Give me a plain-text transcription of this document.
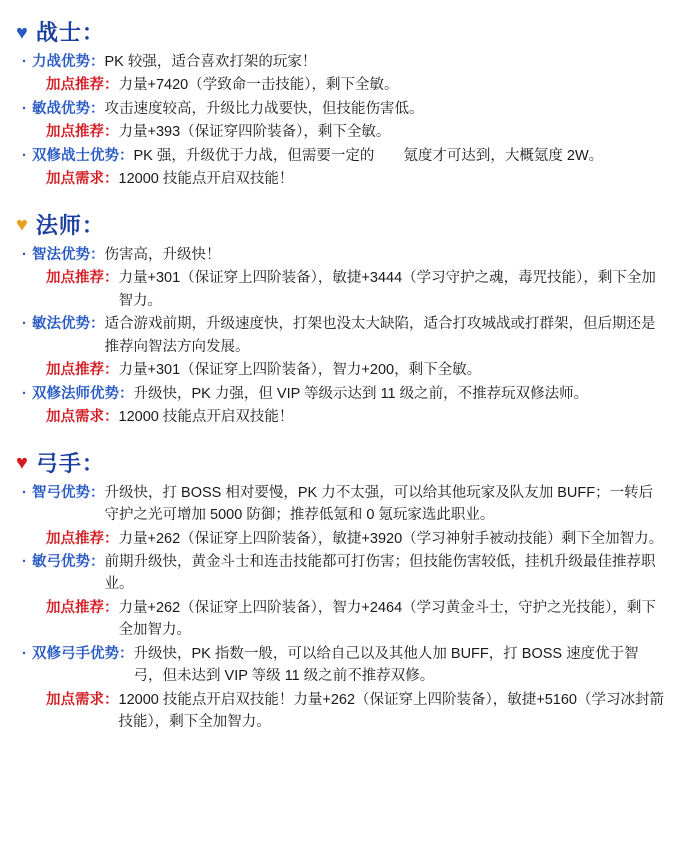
♥ 战士：
· 力战优势： PK 较强，适合喜欢打架的玩家！
加点推荐： 力量+7420（学致命一击技能），剩下全敏。
· 敏战优势： 攻击速度较高，升级比力战要快，但技能伤害低。
加点推荐： 力量+393（保证穿四阶装备），剩下全敏。
· 双修战士优势： PK 强，升级优于力战，但需要一定的　　氪度才可达到，大概氪度 2W。
加点需求： 12000 技能点开启双技能！
♥ 法师：
· 智法优势： 伤害高，升级快！
加点推荐： 力量+301（保证穿上四阶装备），敏捷+3444（学习守护之魂，毒咒技能），剩下全加智力。
· 敏法优势： 适合游戏前期，升级速度快，打架也没太大缺陷，适合打攻城战或打群架，但后期还是推荐向智法方向发展。
加点推荐： 力量+301（保证穿上四阶装备），智力+200，剩下全敏。
· 双修法师优势： 升级快，PK 力强，但 VIP 等级示达到 11 级之前，不推荐玩双修法师。
加点需求： 12000 技能点开启双技能！
♥ 弓手：
· 智弓优势： 升级快，打 BOSS 相对要慢，PK 力不太强，可以给其他玩家及队友加 BUFF；一转后守护之光可增加 5000 防御；推荐低氪和 0 氪玩家选此职业。
加点推荐： 力量+262（保证穿上四阶装备），敏捷+3920（学习神射手被动技能）剩下全加智力。
· 敏弓优势： 前期升级快，黄金斗士和连击技能都可打伤害；但技能伤害较低，挂机升级最佳推荐职业。
加点推荐： 力量+262（保证穿上四阶装备），智力+2464（学习黄金斗士，守护之光技能），剩下全加智力。
· 双修弓手优势： 升级快，PK 指数一般，可以给自己以及其他人加 BUFF，打 BOSS 速度优于智弓，但未达到 VIP 等级 11 级之前不推荐双修。
加点需求： 12000 技能点开启双技能！力量+262（保证穿上四阶装备），敏捷+5160（学习冰封箭技能），剩下全加智力。
